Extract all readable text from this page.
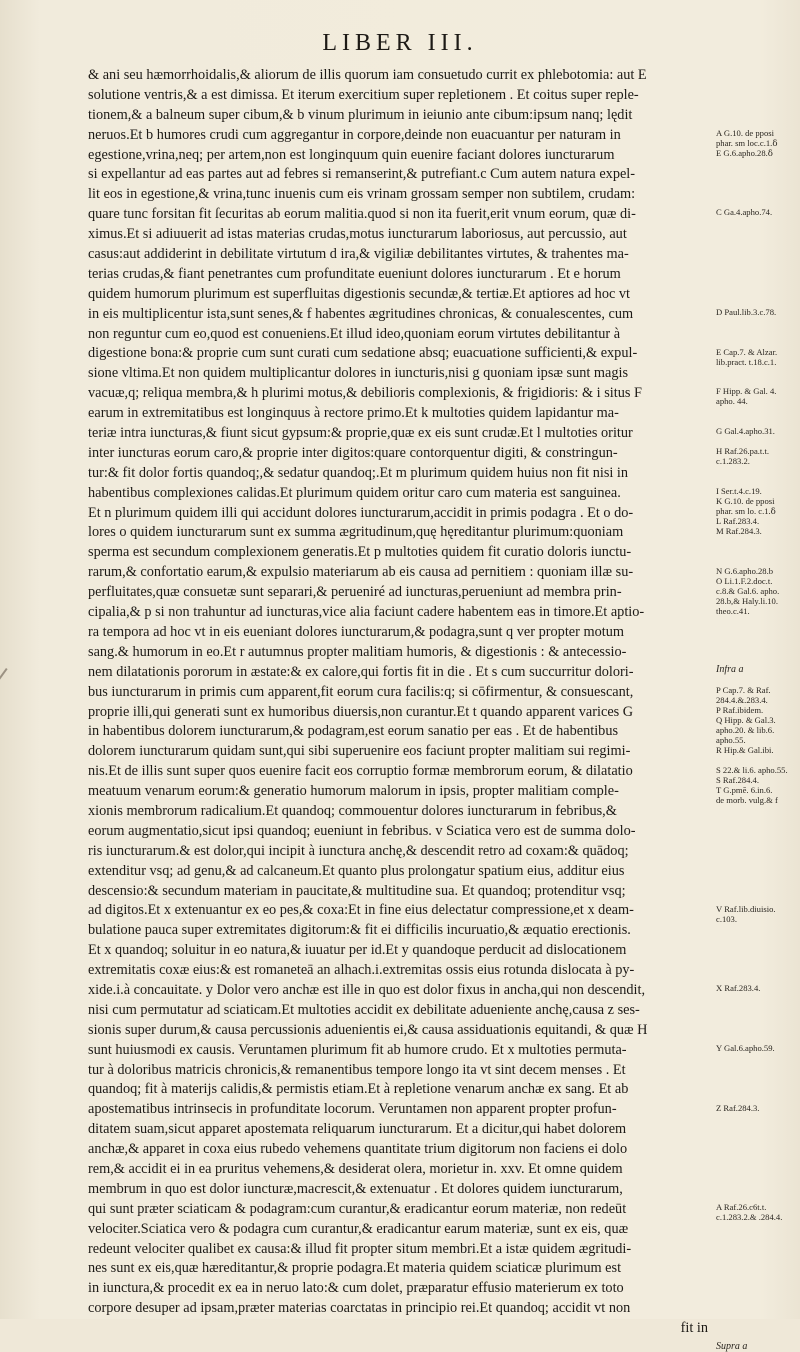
LIBER III.
& ani seu hæmorrhoidalis,& aliorum de illis quorum iam consuetudo currit ex phlebotomia: aut E
solutione ventris,& a est dimissa. Et iterum exercitium super repletionem . Et coitus super reple-
tionem,& a balneum super cibum,& b vinum plurimum in ieiunio ante cibum:ipsum nanq; lędit
neruos.Et b humores crudi cum aggregantur in corpore,deinde non euacuantur per naturam in
egestione,vrina,neq; per artem,non est longinquum quin euenire faciant dolores iuncturarum
si expellantur ad eas partes aut ad febres si remanserint,& putrefiant.c Cum autem natura expel-
lit eos in egestione,& vrina,tunc inuenis cum eis vrinam grossam semper non subtilem, crudam:
quare tunc forsitan fit ſecuritas ab eorum malitia.quod si non ita fuerit,erit vnum eorum, quæ di-
ximus.Et si adiuuerit ad istas materias crudas,motus iuncturarum laboriosus, aut percussio, aut
casus:aut addiderint in debilitate virtutum d ira,& vigiliæ debilitantes virtutes, & trahentes ma-
terias crudas,& fiant penetrantes cum profunditate eueniunt dolores iuncturarum . Et e horum
quidem humorum plurimum est superfluitas digestionis secundæ,& tertiæ.Et aptiores ad hoc vt
in eis multiplicentur ista,sunt senes,& f habentes ægritudines chronicas, & conualescentes, cum
non reguntur cum eo,quod est conueniens.Et illud ideo,quoniam eorum virtutes debilitantur à
digestione bona:& proprie cum sunt curati cum sedatione absq; euacuatione sufficienti,& expul-
sione vltima.Et non quidem multiplicantur dolores in iuncturis,nisi g quoniam ipsæ sunt magis
vacuæ,q; reliqua membra,& h plurimi motus,& debilioris complexionis, & frigidioris: & i situs F
earum in extremitatibus est longinquus à rectore primo.Et k multoties quidem lapidantur ma-
teriæ intra iuncturas,& fiunt sicut gypsum:& proprie,quæ ex eis sunt crudæ.Et l multoties oritur
inter iuncturas eorum caro,& proprie inter digitos:quare contorquentur digiti, & constringun-
tur:& fit dolor fortis quandoq;,& sedatur quandoq;.Et m plurimum quidem huius non fit nisi in
habentibus complexiones calidas.Et plurimum quidem oritur caro cum materia est sanguinea.
Et n plurimum quidem illi qui accidunt dolores iuncturarum,accidit in primis podagra . Et o do-
lores o quidem iuncturarum sunt ex summa ægritudinum,quę hęreditantur plurimum:quoniam
sperma est secundum complexionem generatis.Et p multoties quidem fit curatio doloris iunctu-
rarum,& confortatio earum,& expulsio materiarum ab eis causa ad pernitiem : quoniam illæ su-
perfluitates,quæ consuetæ sunt separari,& perueniré ad iuncturas,perueniunt ad membra prin-
cipalia,& p si non trahuntur ad iuncturas,vice alia faciunt cadere habentem eas in timore.Et aptio-
ra tempora ad hoc vt in eis eueniant dolores iuncturarum,& podagra,sunt q ver propter motum
sang.& humorum in eo.Et r autumnus propter malitiam humoris, & digestionis : & antecessio-
nem dilatationis pororum in æstate:& ex calore,qui fortis fit in die . Et s cum succurritur dolori-
bus iuncturarum in primis cum apparent,fit eorum cura facilis:q; si cōfirmentur, & consuescant,
proprie illi,qui generati sunt ex humoribus diuersis,non curantur.Et t quando apparent varices G
in habentibus dolorem iuncturarum,& podagram,est eorum sanatio per eas . Et de habentibus
dolorem iuncturarum quidam sunt,qui sibi superuenire eos faciunt propter malitiam sui regimi-
nis.Et de illis sunt super quos euenire facit eos corruptio formæ membrorum eorum, & dilatatio
meatuum venarum eorum:& generatio humorum malorum in ipsis, propter malitiam comple-
xionis membrorum radicalium.Et quandoq; commouentur dolores iuncturarum in febribus,&
eorum augmentatio,sicut ipsi quandoq; eueniunt in febribus. v Sciatica vero est de summa dolo-
ris iuncturarum.& est dolor,qui incipit à iunctura anchę,& descendit retro ad coxam:& quādoq;
extenditur vsq; ad genu,& ad calcaneum.Et quanto plus prolongatur spatium eius, additur eius
descensio:& secundum materiam in paucitate,& multitudine sua. Et quandoq; protenditur vsq;
ad digitos.Et x extenuantur ex eo pes,& coxa:Et in fine eius delectatur compressione,et x deam-
bulatione pauca super extremitates digitorum:& fit ei difficilis incuruatio,& æquatio erectionis.
Et x quandoq; soluitur in eo natura,& iuuatur per id.Et y quandoque perducit ad dislocationem
extremitatis coxæ eius:& est romaneteā an alhach.i.extremitas ossis eius rotunda dislocata à py-
xide.i.à concauitate. y Dolor vero anchæ est ille in quo est dolor fixus in ancha,qui non descendit,
nisi cum permutatur ad sciaticam.Et multoties accidit ex debilitate adueniente anchę,causa z ses-
sionis super durum,& causa percussionis aduenientis ei,& causa assiduationis equitandi, & quæ H
sunt huiusmodi ex causis. Veruntamen plurimum fit ab humore crudo. Et x multoties permuta-
tur à doloribus matricis chronicis,& remanentibus tempore longo ita vt sint decem menses . Et
quandoq; fit à materijs calidis,& permistis etiam.Et à repletione venarum anchæ ex sang. Et ab
apostematibus intrinsecis in profunditate locorum. Veruntamen non apparent propter profun-
ditatem suam,sicut apparet apostemata reliquarum iuncturarum. Et a dicitur,qui habet dolorem
anchæ,& apparet in coxa eius rubedo vehemens quantitate trium digitorum non faciens ei dolo
rem,& accidit ei in ea pruritus vehemens,& desiderat olera, morietur in. xxv. Et omne quidem
membrum in quo est dolor iuncturæ,macrescit,& extenuatur . Et dolores quidem iuncturarum,
qui sunt præter sciaticam & podagram:cum curantur,& eradicantur eorum materiæ, non redeūt
velociter.Sciatica vero & podagra cum curantur,& eradicantur earum materiæ, sunt ex eis, quæ
redeunt velociter qualibet ex causa:& illud fit propter situm membri.Et a istæ quidem ægritudi-
nes sunt ex eis,quæ hæreditantur,& proprie podagra.Et materia quidem sciaticæ plurimum est
in iunctura,& procedit ex ea in neruo lato:& cum dolet, præparatur effusio materierum ex toto
corpore desuper ad ipsam,præter materias coarctatas in principio rei.Et quandoq; accidit vt non
fit in
A G.10. de pposi
phar. sm loc.c.1.ẟ
E G.6.apho.28.ẟ
C Ga.4.apho.74.
D Paul.lib.3.c.78.
E Cap.7. & Alzar.
lib.pract. t.18.c.1.
F Hipp. & Gal. 4.
apho. 44.
G Gal.4.apho.31.
H Raf.26.pa.t.t.
c.1.283.2.
I Ser.t.4.c.19.
K G.10. de pposi
phar. sm lo. c.1.ẟ
L Raf.283.4.
M Raf.284.3.
N G.6.apho.28.b
O Li.1.F.2.doc.t.
c.8.& Gal.6. apho.
28.b,& Haly.li.10.
theo.c.41.
Infra a
P Cap.7. & Raf.
284.4.&.283.4.
P Raf.ibidem.
Q Hipp. & Gal.3.
apho.20. & lib.6.
apho.55.
R Hip.& Gal.ibi.
S 22.& li.6. apho.55.
S Raf.284.4.
T G.pmē. 6.in.6.
de morb. vulg.& f
V Raf.lib.diuisio.
c.103.
X Raf.283.4.
Y Gal.6.apho.59.
Z Raf.284.3.
A Raf.26.c6t.t.
c.1.283.2.& .284.4.
Supra a
